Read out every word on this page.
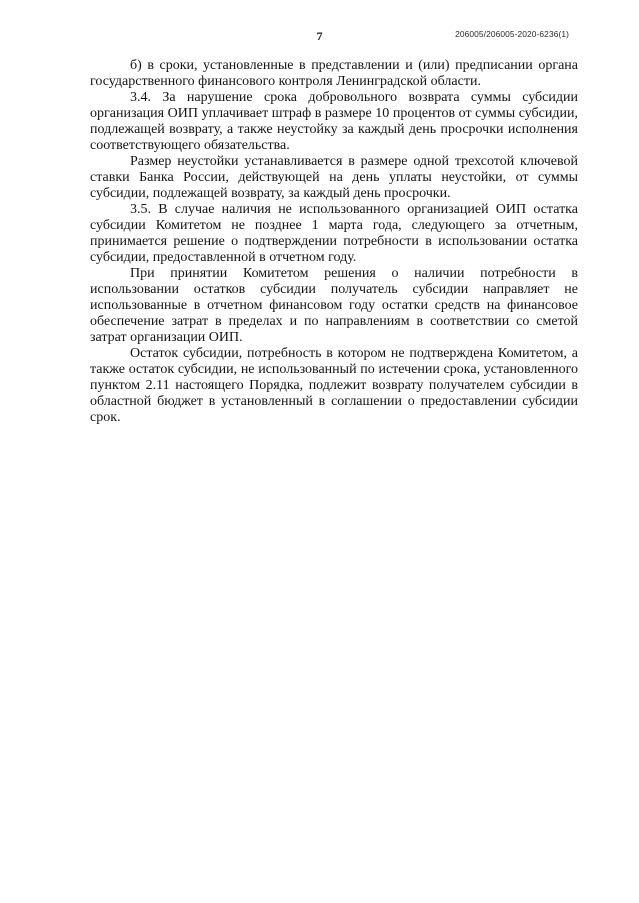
7	206005/206005-2020-6236(1)

б) в сроки, установленные в представлении и (или) предписании органа государственного финансового контроля Ленинградской области.

3.4. За нарушение срока добровольного возврата суммы субсидии организация ОИП уплачивает штраф в размере 10 процентов от суммы субсидии, подлежащей возврату, а также неустойку за каждый день просрочки исполнения соответствующего обязательства.

Размер неустойки устанавливается в размере одной трехсотой ключевой ставки Банка России, действующей на день уплаты неустойки, от суммы субсидии, подлежащей возврату, за каждый день просрочки.

3.5. В случае наличия не использованного организацией ОИП остатка субсидии Комитетом не позднее 1 марта года, следующего за отчетным, принимается решение о подтверждении потребности в использовании остатка субсидии, предоставленной в отчетном году.

При принятии Комитетом решения о наличии потребности в использовании остатков субсидии получатель субсидии направляет не использованные в отчетном финансовом году остатки средств на финансовое обеспечение затрат в пределах и по направлениям в соответствии со сметой затрат организации ОИП.

Остаток субсидии, потребность в котором не подтверждена Комитетом, а также остаток субсидии, не использованный по истечении срока, установленного пунктом 2.11 настоящего Порядка, подлежит возврату получателем субсидии в областной бюджет в установленный в соглашении о предоставлении субсидии срок.
